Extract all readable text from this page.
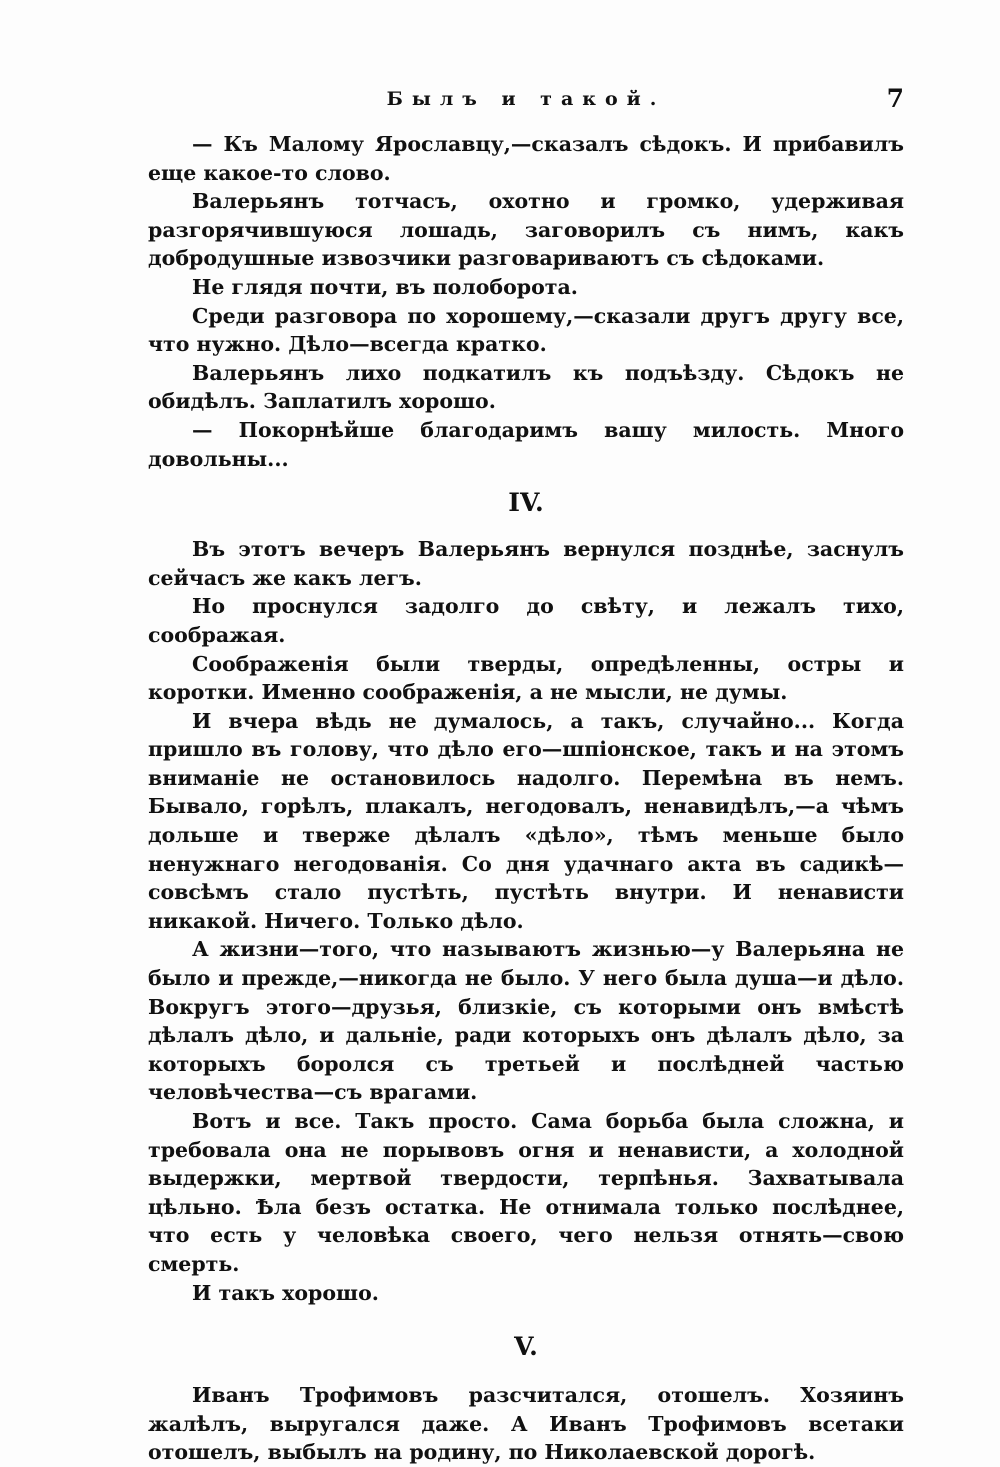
Былъ и такой.	7

— Къ Малому Ярославцу,—сказалъ сѣдокъ. И прибавилъ еще какое-то слово.

Валерьянъ тотчасъ, охотно и громко, удерживая разгорячившуюся лошадь, заговорилъ съ нимъ, какъ добродушные извозчики разговариваютъ съ сѣдоками.

Не глядя почти, въ полоборота.

Среди разговора по хорошему,—сказали другъ другу все, что нужно. Дѣло—всегда кратко.

Валерьянъ лихо подкатилъ къ подъѣзду. Сѣдокъ не обидѣлъ. Заплатилъ хорошо.

— Покорнѣйше благодаримъ вашу милость. Много довольны...

IV.

Въ этотъ вечеръ Валерьянъ вернулся позднѣе, заснулъ сейчасъ же какъ легъ.

Но проснулся задолго до свѣту, и лежалъ тихо, соображая.

Соображенія были тверды, опредѣленны, остры и коротки. Именно соображенія, а не мысли, не думы.

И вчера вѣдь не думалось, а такъ, случайно... Когда пришло въ голову, что дѣло его—шпіонское, такъ и на этомъ вниманіе не остановилось надолго. Перемѣна въ немъ. Бывало, горѣлъ, плакалъ, негодовалъ, ненавидѣлъ,—а чѣмъ дольше и тверже дѣлалъ «дѣло», тѣмъ меньше было ненужнаго негодованія. Со дня удачнаго акта въ садикѣ—совсѣмъ стало пустѣть, пустѣть внутри. И ненависти никакой. Ничего. Только дѣло.

А жизни—того, что называютъ жизнью—у Валерьяна не было и прежде,—никогда не было. У него была душа—и дѣло. Вокругъ этого—друзья, близкіе, съ которыми онъ вмѣстѣ дѣлалъ дѣло, и дальніе, ради которыхъ онъ дѣлалъ дѣло, за которыхъ боролся съ третьей и послѣдней частью человѣчества—съ врагами.

Вотъ и все. Такъ просто. Сама борьба была сложна, и требовала она не порывовъ огня и ненависти, а холодной выдержки, мертвой твердости, терпѣнья. Захватывала цѣльно. Ѣла безъ остатка. Не отнимала только послѣднее, что есть у человѣка своего, чего нельзя отнять—свою смерть.

И такъ хорошо.

V.

Иванъ Трофимовъ разсчитался, отошелъ. Хозяинъ жалѣлъ, выругался даже. А Иванъ Трофимовъ всетаки отошелъ, выбылъ на родину, по Николаевской дорогѣ.
